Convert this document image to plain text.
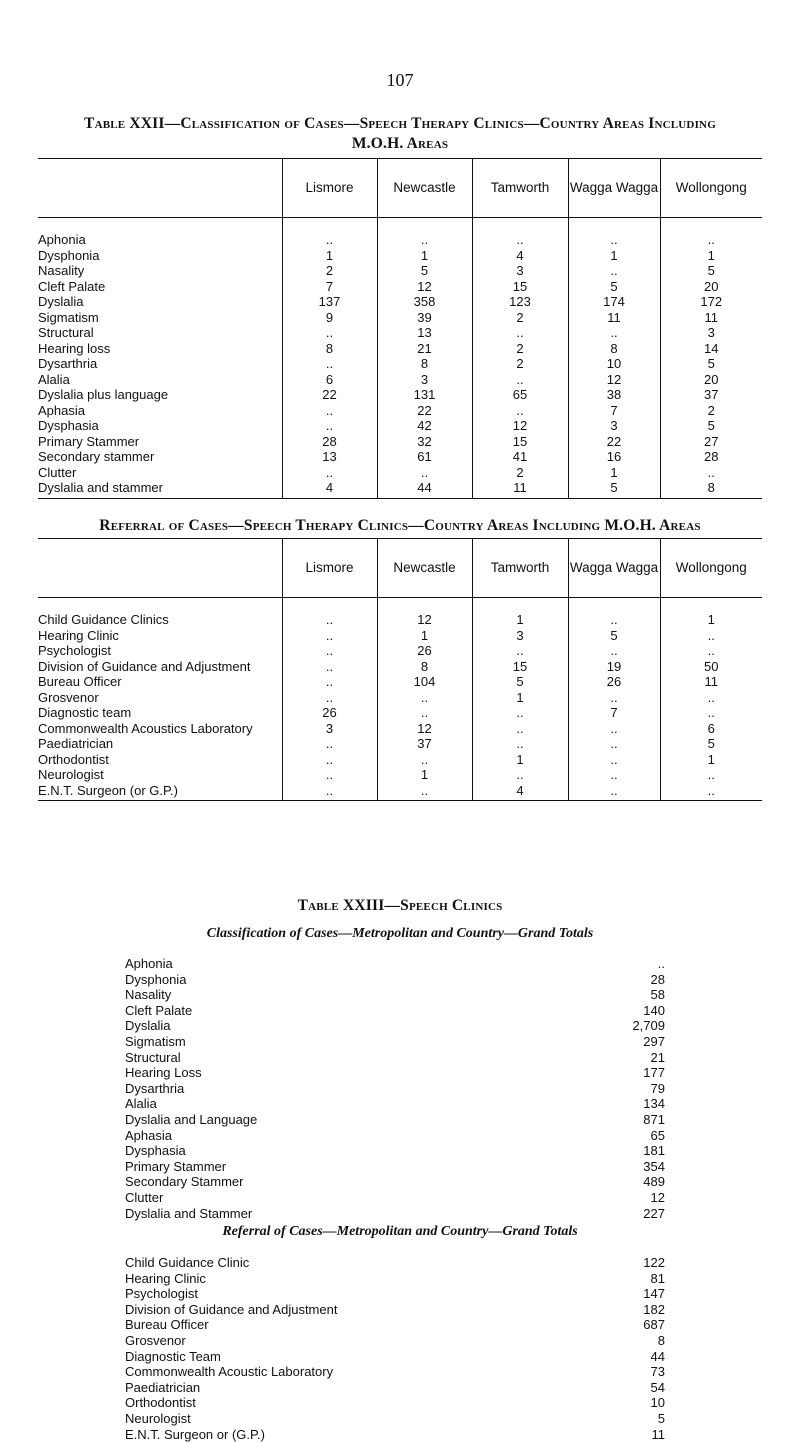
107
Table XXII—Classification of Cases—Speech Therapy Clinics—Country Areas Including
M.O.H. Areas
	Lismore	Newcastle	Tamworth	Wagga Wagga	Wollongong
Aphonia	..	..	..	..	..
Dysphonia	1	1	4	1	1
Nasality	2	5	3	..	5
Cleft Palate	7	12	15	5	20
Dyslalia	137	358	123	174	172
Sigmatism	9	39	2	11	11
Structural	..	13	..	..	3
Hearing loss	8	21	2	8	14
Dysarthria	..	8	2	10	5
Alalia	6	3	..	12	20
Dyslalia plus language	22	131	65	38	37
Aphasia	..	22	..	7	2
Dysphasia	..	42	12	3	5
Primary Stammer	28	32	15	22	27
Secondary stammer	13	61	41	16	28
Clutter	..	..	2	1	..
Dyslalia and stammer	4	44	11	5	8
Referral of Cases—Speech Therapy Clinics—Country Areas Including M.O.H. Areas
	Lismore	Newcastle	Tamworth	Wagga Wagga	Wollongong
Child Guidance Clinics	..	12	1	..	1
Hearing Clinic	..	1	3	5	..
Psychologist	..	26	..	..	..
Division of Guidance and Adjustment	..	8	15	19	50
Bureau Officer	..	104	5	26	11
Grosvenor	..	..	1	..	..
Diagnostic team	26	..	..	7	..
Commonwealth Acoustics Laboratory	3	12	..	..	6
Paediatrician	..	37	..	..	5
Orthodontist	..	..	1	..	1
Neurologist	..	1	..	..	..
E.N.T. Surgeon (or G.P.)	..	..	4	..	..
Table XXIII—Speech Clinics
Classification of Cases—Metropolitan and Country—Grand Totals
Aphonia	..
Dysphonia	28
Nasality	58
Cleft Palate	140
Dyslalia	2,709
Sigmatism	297
Structural	21
Hearing Loss	177
Dysarthria	79
Alalia	134
Dyslalia and Language	871
Aphasia	65
Dysphasia	181
Primary Stammer	354
Secondary Stammer	489
Clutter	12
Dyslalia and Stammer	227
Referral of Cases—Metropolitan and Country—Grand Totals
Child Guidance Clinic	122
Hearing Clinic	81
Psychologist	147
Division of Guidance and Adjustment	182
Bureau Officer	687
Grosvenor	8
Diagnostic Team	44
Commonwealth Acoustic Laboratory	73
Paediatrician	54
Orthodontist	10
Neurologist	5
E.N.T. Surgeon or (G.P.)	11
